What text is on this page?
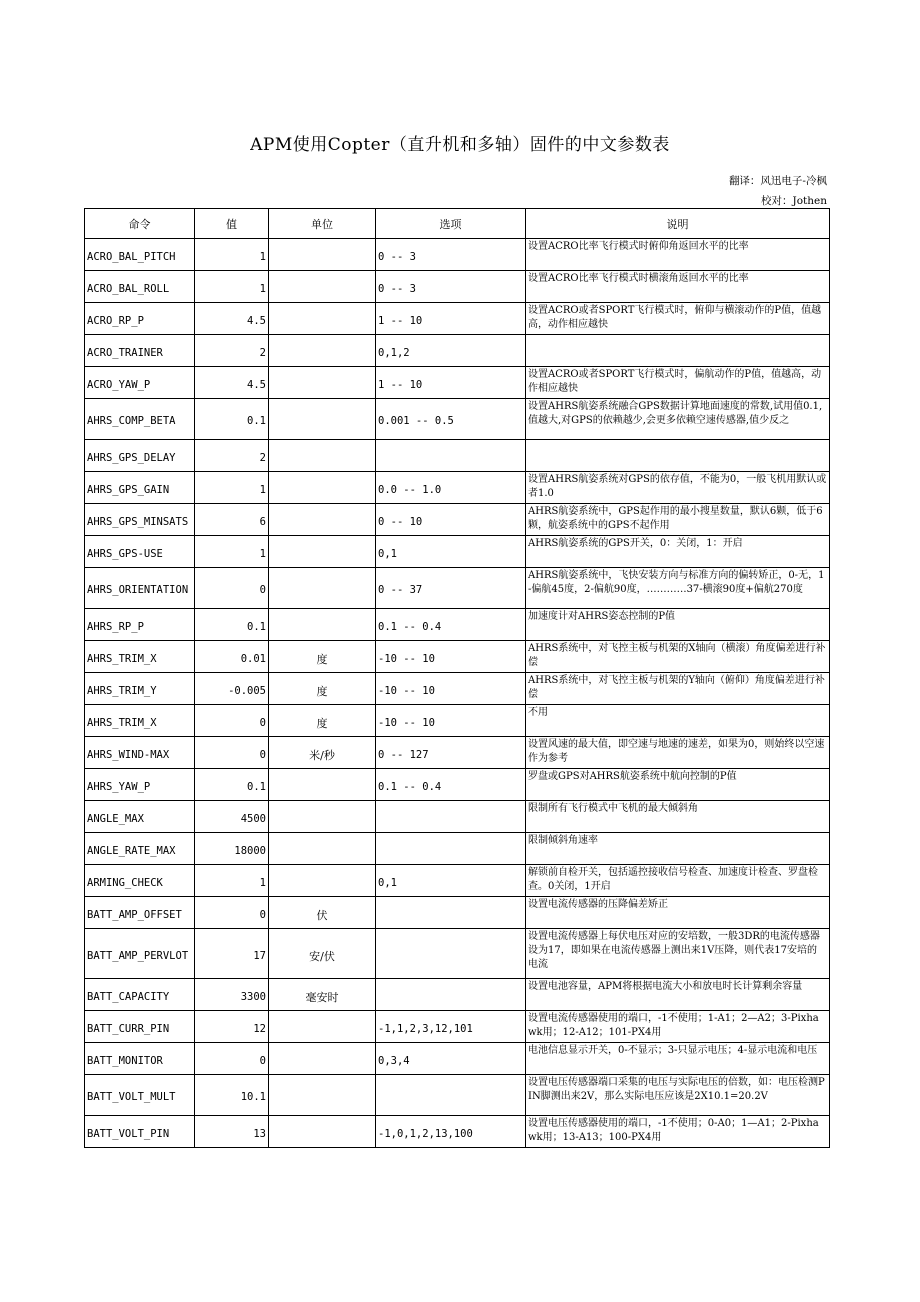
APM使用Copter（直升机和多轴）固件的中文参数表
翻译：风迅电子-冷枫
校对：Jothen
命令	值	单位	选项	说明
ACRO_BAL_PITCH	1		0 -- 3	设置ACRO比率飞行模式时俯仰角返回水平的比率
ACRO_BAL_ROLL	1		0 -- 3	设置ACRO比率飞行模式时横滚角返回水平的比率
ACRO_RP_P	4.5		1 -- 10	设置ACRO或者SPORT飞行模式时，俯仰与横滚动作的P值，值越高，动作相应越快
ACRO_TRAINER	2		0,1,2	
ACRO_YAW_P	4.5		1 -- 10	设置ACRO或者SPORT飞行模式时，偏航动作的P值，值越高，动作相应越快
AHRS_COMP_BETA	0.1		0.001 -- 0.5	设置AHRS航姿系统融合GPS数据计算地面速度的常数,试用值0.1,值越大,对GPS的依赖越少,会更多依赖空速传感器,值少反之
AHRS_GPS_DELAY	2			
AHRS_GPS_GAIN	1		0.0 -- 1.0	设置AHRS航姿系统对GPS的依存值，不能为0，一般飞机用默认或者1.0
AHRS_GPS_MINSATS	6		0 -- 10	AHRS航姿系统中，GPS起作用的最小搜星数量，默认6颗，低于6颗，航姿系统中的GPS不起作用
AHRS_GPS-USE	1		0,1	AHRS航姿系统的GPS开关，0：关闭，1：开启
AHRS_ORIENTATION	0		0 -- 37	AHRS航姿系统中，飞快安装方向与标准方向的偏转矫正，0-无，1-偏航45度，2-偏航90度，…………37-横滚90度+偏航270度
AHRS_RP_P	0.1		0.1 -- 0.4	加速度计对AHRS姿态控制的P值
AHRS_TRIM_X	0.01	度	-10 -- 10	AHRS系统中，对飞控主板与机架的X轴向（横滚）角度偏差进行补偿
AHRS_TRIM_Y	-0.005	度	-10 -- 10	AHRS系统中，对飞控主板与机架的Y轴向（俯仰）角度偏差进行补偿
AHRS_TRIM_X	0	度	-10 -- 10	不用
AHRS_WIND-MAX	0	米/秒	0 -- 127	设置风速的最大值，即空速与地速的速差，如果为0，则始终以空速作为参考
AHRS_YAW_P	0.1		0.1 -- 0.4	罗盘或GPS对AHRS航姿系统中航向控制的P值
ANGLE_MAX	4500			限制所有飞行模式中飞机的最大倾斜角
ANGLE_RATE_MAX	18000			限制倾斜角速率
ARMING_CHECK	1		0,1	解锁前自检开关，包括遥控接收信号检查、加速度计检查、罗盘检查。0关闭，1开启
BATT_AMP_OFFSET	0	伏		设置电流传感器的压降偏差矫正
BATT_AMP_PERVLOT	17	安/伏		设置电流传感器上每伏电压对应的安培数，一般3DR的电流传感器设为17，即如果在电流传感器上测出来1V压降，则代表17安培的电流
BATT_CAPACITY	3300	毫安时		设置电池容量，APM将根据电流大小和放电时长计算剩余容量
BATT_CURR_PIN	12		-1,1,2,3,12,101	设置电流传感器使用的端口，-1不使用；1-A1；2—A2；3-Pixhawk用；12-A12；101-PX4用
BATT_MONITOR	0		0,3,4	电池信息显示开关，0-不显示；3-只显示电压；4-显示电流和电压
BATT_VOLT_MULT	10.1			设置电压传感器端口采集的电压与实际电压的倍数，如：电压检测PIN脚测出来2V，那么实际电压应该是2X10.1=20.2V
BATT_VOLT_PIN	13		-1,0,1,2,13,100	设置电压传感器使用的端口，-1不使用；0-A0；1—A1；2-Pixhawk用；13-A13；100-PX4用
